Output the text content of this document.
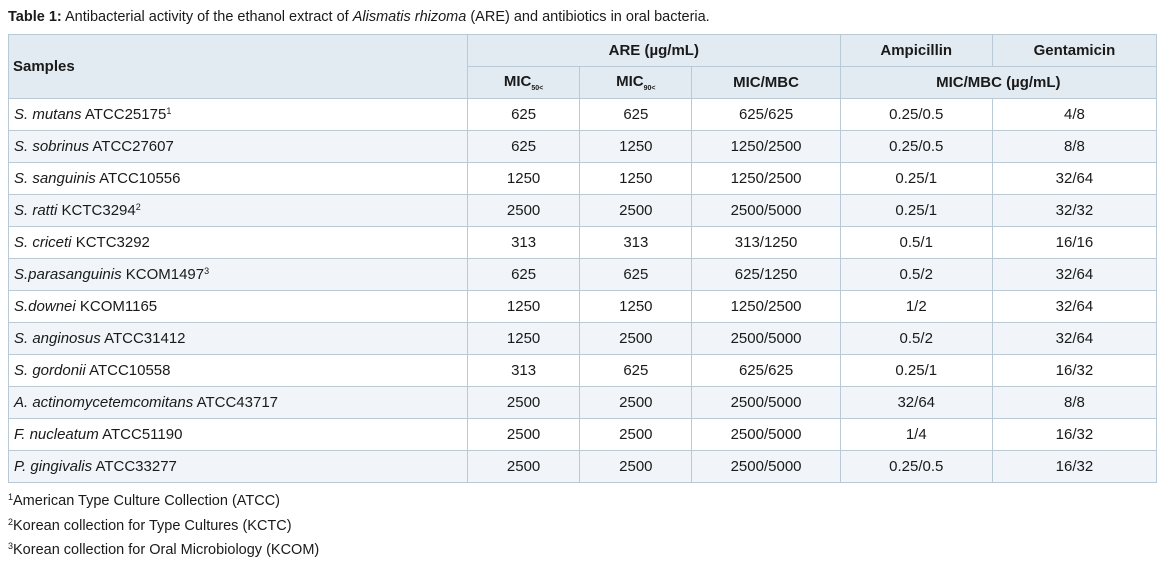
Table 1: Antibacterial activity of the ethanol extract of Alismatis rhizoma (ARE) and antibiotics in oral bacteria.
Samples	ARE (µg/mL)			Ampicillin	Gentamicin
	$MIC_{50<}$	$MIC_{90<}$	MIC/MBC	MIC/MBC (µg/mL)	
S. mutans ATCC25175$^1$	625	625	625/625	0.25/0.5	4/8
S. sobrinus ATCC27607	625	1250	1250/2500	0.25/0.5	8/8
S. sanguinis ATCC10556	1250	1250	1250/2500	0.25/1	32/64
S. ratti KCTC3294$^2$	2500	2500	2500/5000	0.25/1	32/32
S. criceti KCTC3292	313	313	313/1250	0.5/1	16/16
S.parasanguinis KCOM1497$^3$	625	625	625/1250	0.5/2	32/64
S.downei KCOM1165	1250	1250	1250/2500	1/2	32/64
S. anginosus ATCC31412	1250	2500	2500/5000	0.5/2	32/64
S. gordonii ATCC10558	313	625	625/625	0.25/1	16/32
A. actinomycetemcomitans ATCC43717	2500	2500	2500/5000	32/64	8/8
F. nucleatum ATCC51190	2500	2500	2500/5000	1/4	16/32
P. gingivalis ATCC33277	2500	2500	2500/5000	0.25/0.5	16/32
$^1$American Type Culture Collection (ATCC)
$^2$Korean collection for Type Cultures (KCTC)
$^3$Korean collection for Oral Microbiology (KCOM)
